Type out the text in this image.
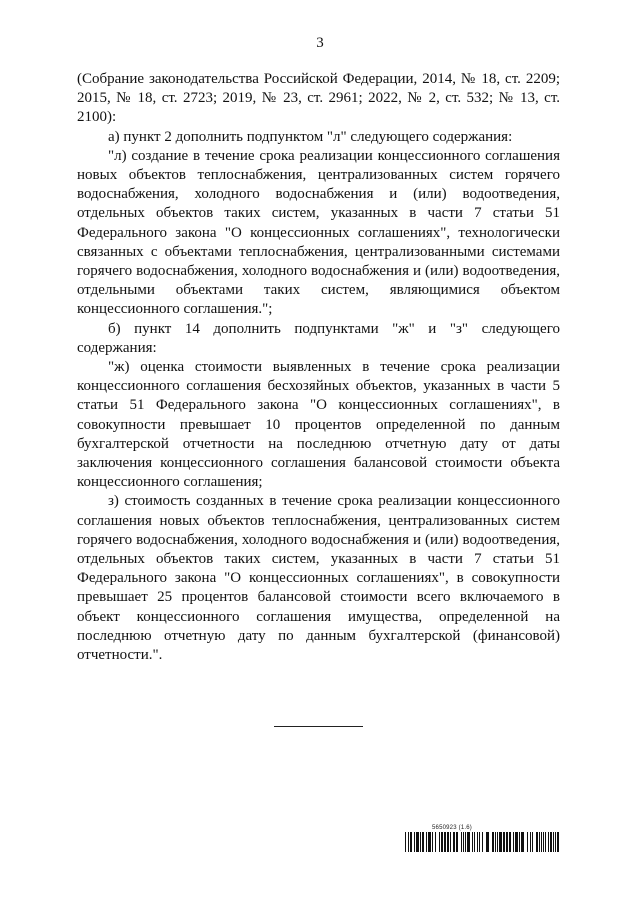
3

(Собрание законодательства Российской Федерации, 2014, № 18, ст. 2209; 2015, № 18, ст. 2723; 2019, № 23, ст. 2961; 2022, № 2, ст. 532; № 13, ст. 2100):

а) пункт 2 дополнить подпунктом "л" следующего содержания:

"л) создание в течение срока реализации концессионного соглашения новых объектов теплоснабжения, централизованных систем горячего водоснабжения, холодного водоснабжения и (или) водоотведения, отдельных объектов таких систем, указанных в части 7 статьи 51 Федерального закона "О концессионных соглашениях", технологически связанных с объектами теплоснабжения, централизованными системами горячего водоснабжения, холодного водоснабжения и (или) водоотведения, отдельными объектами таких систем, являющимися объектом концессионного соглашения.";

б) пункт 14 дополнить подпунктами "ж" и "з" следующего содержания:

"ж) оценка стоимости выявленных в течение срока реализации концессионного соглашения бесхозяйных объектов, указанных в части 5 статьи 51 Федерального закона "О концессионных соглашениях", в совокупности превышает 10 процентов определенной по данным бухгалтерской отчетности на последнюю отчетную дату от даты заключения концессионного соглашения балансовой стоимости объекта концессионного соглашения;

з) стоимость созданных в течение срока реализации концессионного соглашения новых объектов теплоснабжения, централизованных систем горячего водоснабжения, холодного водоснабжения и (или) водоотведения, отдельных объектов таких систем, указанных в части 7 статьи 51 Федерального закона "О концессионных соглашениях", в совокупности превышает 25 процентов балансовой стоимости всего включаемого в объект концессионного соглашения имущества, определенной на последнюю отчетную дату по данным бухгалтерской (финансовой) отчетности.".

5650923 (1.6)
